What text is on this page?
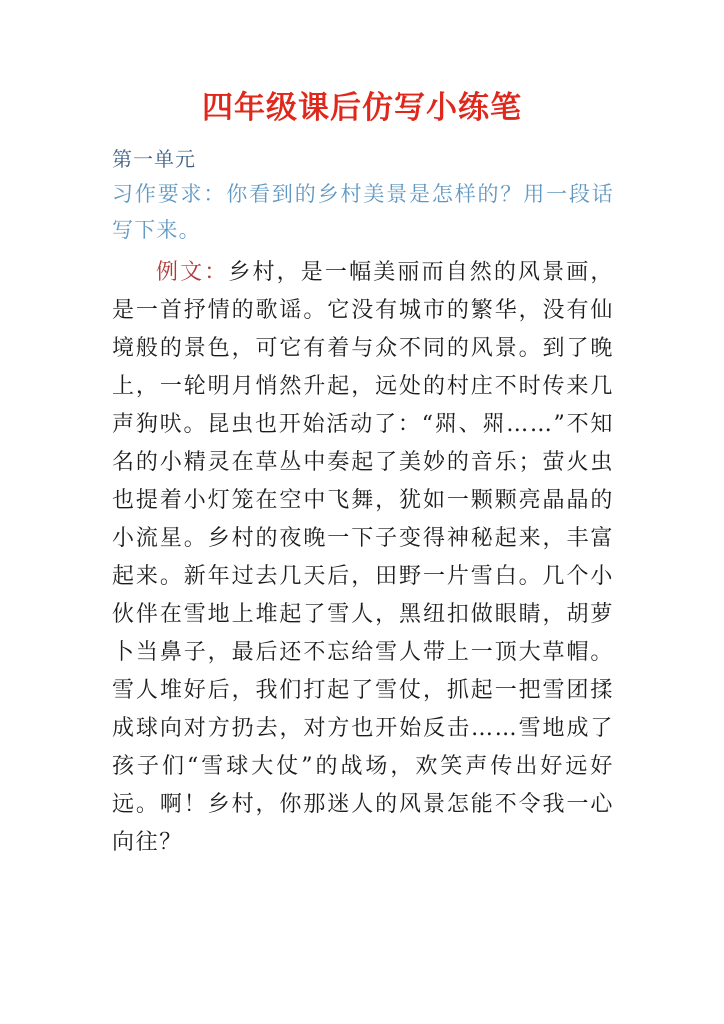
四年级课后仿写小练笔
第一单元
习作要求：你看到的乡村美景是怎样的？用一段话写下来。

例文：乡村，是一幅美丽而自然的风景画，是一首抒情的歌谣。它没有城市的繁华，没有仙境般的景色，可它有着与众不同的风景。到了晚上，一轮明月悄然升起，远处的村庄不时传来几声狗吠。昆虫也开始活动了：“喌、喌……”不知名的小精灵在草丛中奏起了美妙的音乐；萤火虫也提着小灯笼在空中飞舞，犹如一颗颗亮晶晶的小流星。乡村的夜晚一下子变得神秘起来，丰富起来。新年过去几天后，田野一片雪白。几个小伙伴在雪地上堆起了雪人，黑纽扣做眼睛，胡萝卜当鼻子，最后还不忘给雪人带上一顶大草帽。雪人堆好后，我们打起了雪仗，抓起一把雪团揉成球向对方扔去，对方也开始反击……雪地成了孩子们“雪球大仗”的战场，欢笑声传出好远好远。啊！乡村，你那迷人的风景怎能不令我一心向往？
